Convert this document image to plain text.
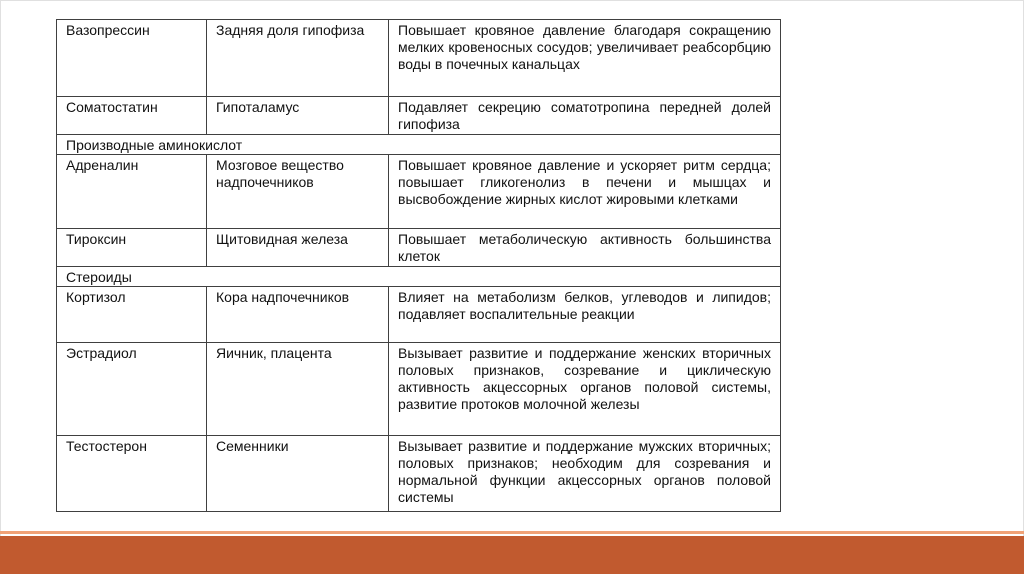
Вазопрессин	Задняя доля гипофиза	Повышает кровяное давление благодаря сокращению мелких кровеносных сосудов; увеличивает реабсорбцию воды в почечных канальцах
Соматостатин	Гипоталамус	Подавляет секрецию соматотропина передней долей гипофиза
Производные аминокислот		
Адреналин	Мозговое вещество надпочечников	Повышает кровяное давление и ускоряет ритм сердца; повышает гликогенолиз в печени и мышцах и высвобождение жирных кислот жировыми клетками
Тироксин	Щитовидная железа	Повышает метаболическую активность большинства клеток
Стероиды		
Кортизол	Кора надпочечников	Влияет на метаболизм белков, углеводов и липидов; подавляет воспалительные реакции
Эстрадиол	Яичник, плацента	Вызывает развитие и поддержание женских вторичных половых признаков, созревание и циклическую активность акцессорных органов половой системы, развитие протоков молочной железы
Тестостерон	Семенники	Вызывает развитие и поддержание мужских вторичных; половых признаков; необходим для созревания и нормальной функции акцессорных органов половой системы
